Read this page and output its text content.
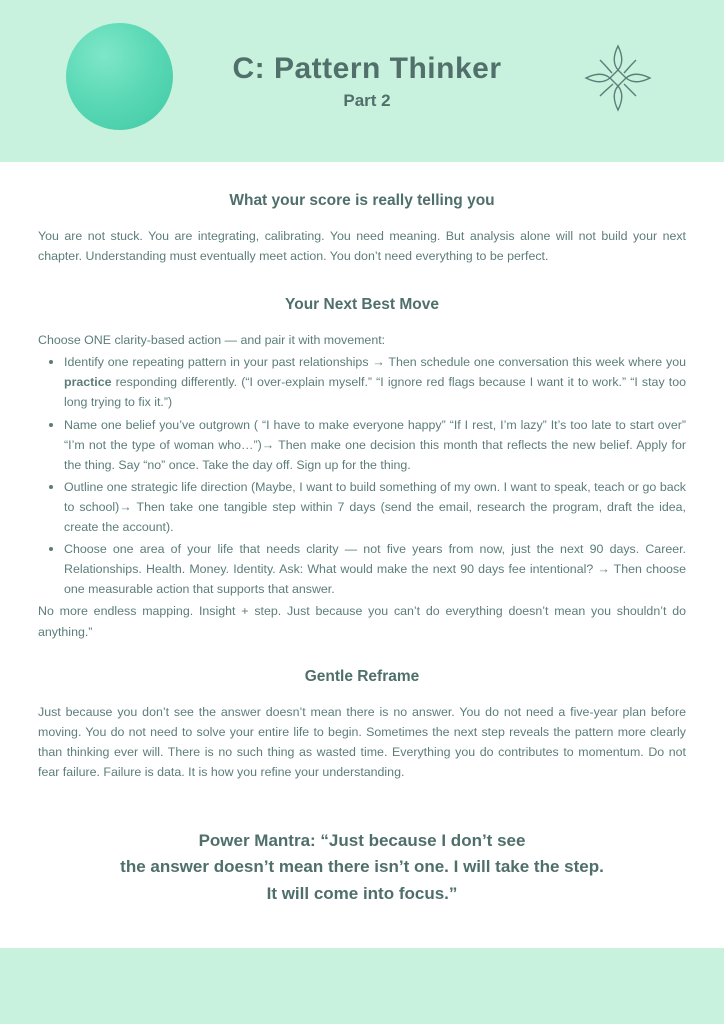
C: Pattern Thinker
Part 2
What your score is really telling you

You are not stuck. You are integrating, calibrating. You need meaning. But analysis alone will not build your next chapter. Understanding must eventually meet action. You don’t need everything to be perfect.

Your Next Best Move

Choose ONE clarity-based action — and pair it with movement:

Identify one repeating pattern in your past relationships → Then schedule one conversation this week where you practice responding differently. (“I over-explain myself.” “I ignore red flags because I want it to work.” “I stay too long trying to fix it.”)
Name one belief you’ve outgrown ( “I have to make everyone happy” “If I rest, I’m lazy” It’s too late to start over” “I’m not the type of woman who…”)→ Then make one decision this month that reflects the new belief. Apply for the thing. Say “no” once. Take the day off. Sign up for the thing.
Outline one strategic life direction (Maybe, I want to build something of my own. I want to speak, teach or go back to school)→ Then take one tangible step within 7 days (send the email, research the program, draft the idea, create the account).
Choose one area of your life that needs clarity — not five years from now, just the next 90 days. Career. Relationships. Health. Money. Identity. Ask: What would make the next 90 days fee intentional? → Then choose one measurable action that supports that answer.

No more endless mapping. Insight + step. Just because you can’t do everything doesn’t mean you shouldn’t do anything.”

Gentle Reframe

Just because you don’t see the answer doesn’t mean there is no answer. You do not need a five-year plan before moving. You do not need to solve your entire life to begin. Sometimes the next step reveals the pattern more clearly than thinking ever will. There is no such thing as wasted time. Everything you do contributes to momentum. Do not fear failure. Failure is data. It is how you refine your understanding.

Power Mantra: “Just because I don’t see
the answer doesn’t mean there isn’t one. I will take the step.
It will come into focus.”
